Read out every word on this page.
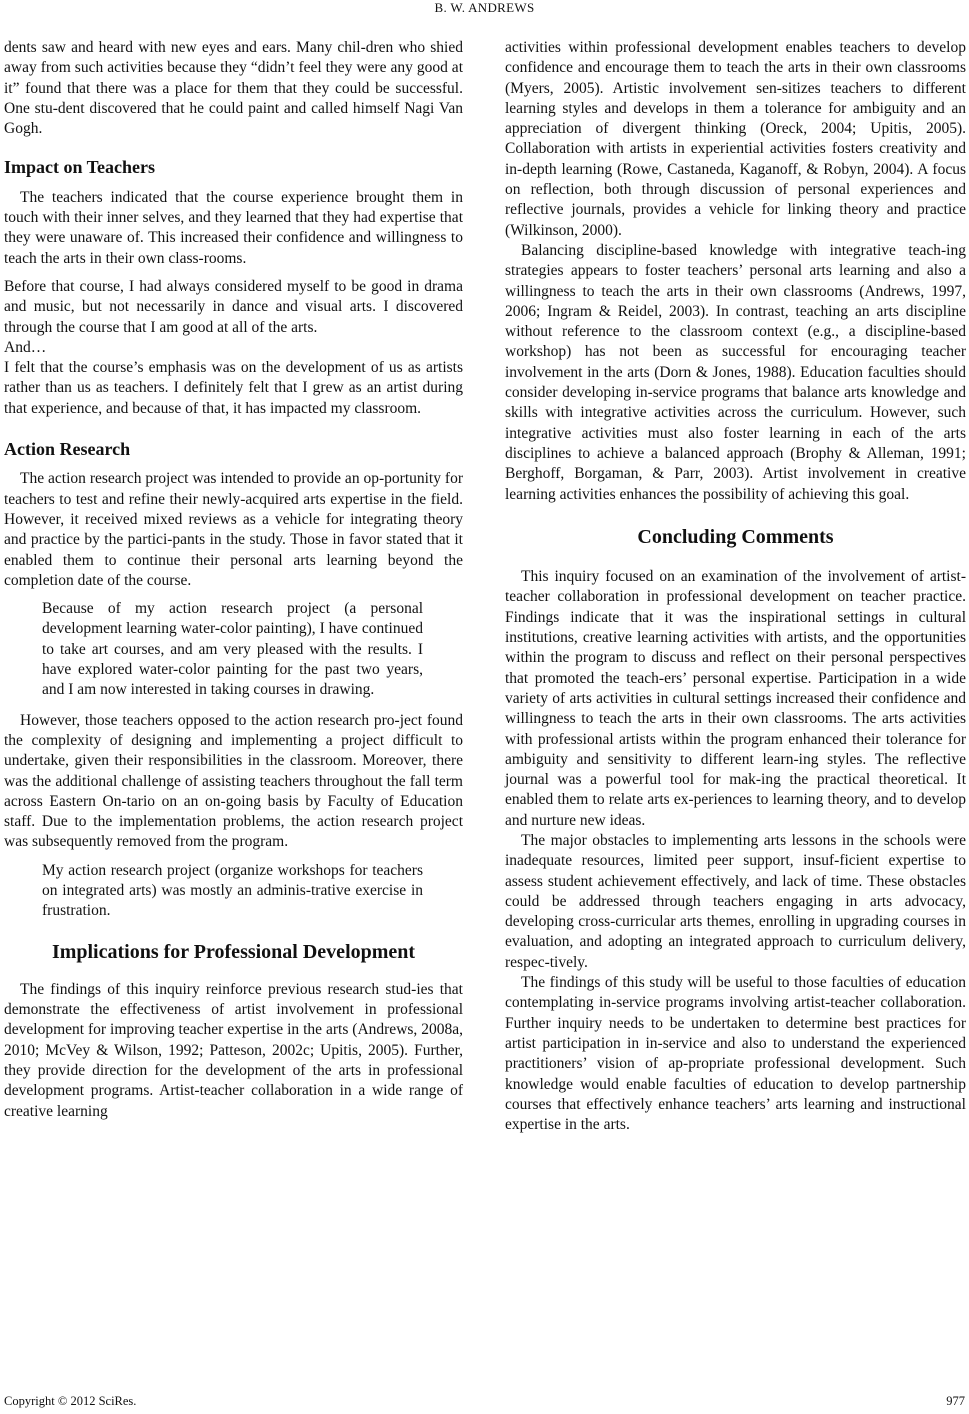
B. W. ANDREWS

dents saw and heard with new eyes and ears. Many chil-dren who shied away from such activities because they “didn’t feel they were any good at it” found that there was a place for them that they could be successful. One stu-dent discovered that he could paint and called himself Nagi Van Gogh.

Impact on Teachers

The teachers indicated that the course experience brought them in touch with their inner selves, and they learned that they had expertise that they were unaware of. This increased their confidence and willingness to teach the arts in their own class-rooms.

Before that course, I had always considered myself to be good in drama and music, but not necessarily in dance and visual arts. I discovered through the course that I am good at all of the arts.

And…

I felt that the course’s emphasis was on the development of us as artists rather than us as teachers. I definitely felt that I grew as an artist during that experience, and because of that, it has impacted my classroom.

Action Research

The action research project was intended to provide an op-portunity for teachers to test and refine their newly-acquired arts expertise in the field. However, it received mixed reviews as a vehicle for integrating theory and practice by the partici-pants in the study. Those in favor stated that it enabled them to continue their personal arts learning beyond the completion date of the course.

Because of my action research project (a personal development learning water-color painting), I have continued to take art courses, and am very pleased with the results. I have explored water-color painting for the past two years, and I am now interested in taking courses in drawing.

However, those teachers opposed to the action research pro-ject found the complexity of designing and implementing a project difficult to undertake, given their responsibilities in the classroom. Moreover, there was the additional challenge of assisting teachers throughout the fall term across Eastern On-tario on an on-going basis by Faculty of Education staff. Due to the implementation problems, the action research project was subsequently removed from the program.

My action research project (organize workshops for teachers on integrated arts) was mostly an adminis-trative exercise in frustration.

Implications for Professional Development

The findings of this inquiry reinforce previous research stud-ies that demonstrate the effectiveness of artist involvement in professional development for improving teacher expertise in the arts (Andrews, 2008a, 2010; McVey & Wilson, 1992; Patteson, 2002c; Upitis, 2005). Further, they provide direction for the development of the arts in professional development programs. Artist-teacher collaboration in a wide range of creative learning

activities within professional development enables teachers to develop confidence and encourage them to teach the arts in their own classrooms (Myers, 2005). Artistic involvement sen-sitizes teachers to different learning styles and develops in them a tolerance for ambiguity and an appreciation of divergent thinking (Oreck, 2004; Upitis, 2005). Collaboration with artists in experiential activities fosters creativity and in-depth learning (Rowe, Castaneda, Kaganoff, & Robyn, 2004). A focus on reflection, both through discussion of personal experiences and reflective journals, provides a vehicle for linking theory and practice (Wilkinson, 2000).

Balancing discipline-based knowledge with integrative teach-ing strategies appears to foster teachers’ personal arts learning and also a willingness to teach the arts in their own classrooms (Andrews, 1997, 2006; Ingram & Reidel, 2003). In contrast, teaching an arts discipline without reference to the classroom context (e.g., a discipline-based workshop) has not been as successful for encouraging teacher involvement in the arts (Dorn & Jones, 1988). Education faculties should consider developing in-service programs that balance arts knowledge and skills with integrative activities across the curriculum. However, such integrative activities must also foster learning in each of the arts disciplines to achieve a balanced approach (Brophy & Alleman, 1991; Berghoff, Borgaman, & Parr, 2003). Artist involvement in creative learning activities enhances the possibility of achieving this goal.

Concluding Comments

This inquiry focused on an examination of the involvement of artist-teacher collaboration in professional development on teacher practice. Findings indicate that it was the inspirational settings in cultural institutions, creative learning activities with artists, and the opportunities within the program to discuss and reflect on their personal perspectives that promoted the teach-ers’ personal expertise. Participation in a wide variety of arts activities in cultural settings increased their confidence and willingness to teach the arts in their own classrooms. The arts activities with professional artists within the program enhanced their tolerance for ambiguity and sensitivity to different learn-ing styles. The reflective journal was a powerful tool for mak-ing the practical theoretical. It enabled them to relate arts ex-periences to learning theory, and to develop and nurture new ideas.

The major obstacles to implementing arts lessons in the schools were inadequate resources, limited peer support, insuf-ficient expertise to assess student achievement effectively, and lack of time. These obstacles could be addressed through teachers engaging in arts advocacy, developing cross-curricular arts themes, enrolling in upgrading courses in evaluation, and adopting an integrated approach to curriculum delivery, respec-tively.

The findings of this study will be useful to those faculties of education contemplating in-service programs involving artist-teacher collaboration. Further inquiry needs to be undertaken to determine best practices for artist participation in in-service and also to understand the experienced practitioners’ vision of ap-propriate professional development. Such knowledge would enable faculties of education to develop partnership courses that effectively enhance teachers’ arts learning and instructional expertise in the arts.

Copyright © 2012 SciRes.	977
